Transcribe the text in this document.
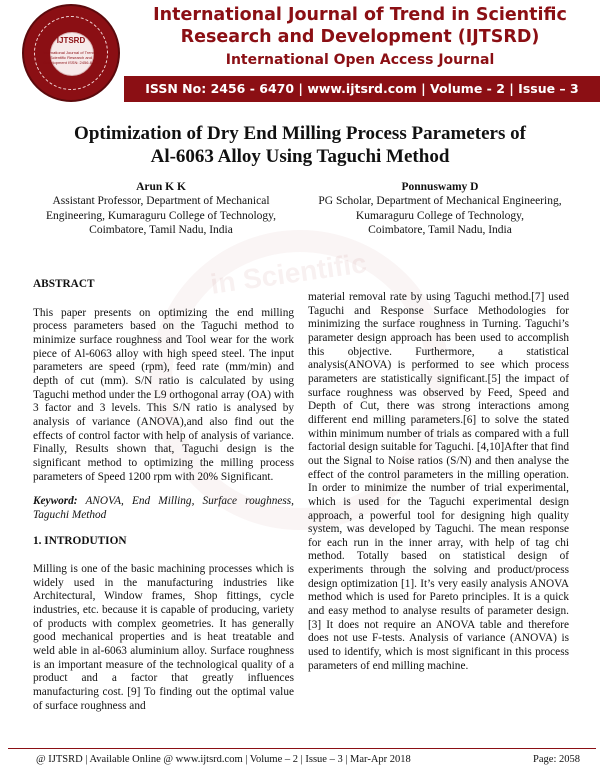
IJTSRD
International Journal of Trend in Scientific Research and Development ISSN: 2456-6470
International Journal of Trend in Scientific
Research and Development (IJTSRD)
International Open Access Journal
ISSN No: 2456 - 6470 | www.ijtsrd.com | Volume - 2 | Issue – 3
in Scientific
Optimization of Dry End Milling Process Parameters of
Al-6063 Alloy Using Taguchi Method
Arun K K
Assistant Professor, Department of Mechanical
Engineering, Kumaraguru College of Technology,
Coimbatore, Tamil Nadu, India
Ponnuswamy D
PG Scholar, Department of Mechanical Engineering,
Kumaraguru College of Technology,
Coimbatore, Tamil Nadu, India
ABSTRACT

This paper presents on optimizing the end milling process parameters based on the Taguchi method to minimize surface roughness and Tool wear for the work piece of Al-6063 alloy with high speed steel. The input parameters are speed (rpm), feed rate (mm/min) and depth of cut (mm). S/N ratio is calculated by using Taguchi method under the L9 orthogonal array (OA) with 3 factor and 3 levels. This S/N ratio is analysed by analysis of variance (ANOVA),and also find out the effects of control factor with help of analysis of variance. Finally, Results shown that, Taguchi design is the significant method to optimizing the milling process parameters of Speed 1200 rpm with 20% Significant.

Keyword: ANOVA, End Milling, Surface roughness, Taguchi Method
1. INTRODUTION

Milling is one of the basic machining processes which is widely used in the manufacturing industries like Architectural, Window frames, Shop fittings, cycle industries, etc. because it is capable of producing, variety of products with complex geometries. It has generally good mechanical properties and is heat treatable and weld able in al-6063 aluminium alloy. Surface roughness is an important measure of the technological quality of a product and a factor that greatly influences manufacturing cost. [9] To finding out the optimal value of surface roughness and

material removal rate by using Taguchi method.[7] used Taguchi and Response Surface Methodologies for minimizing the surface roughness in Turning. Taguchi’s parameter design approach has been used to accomplish this objective. Furthermore, a statistical analysis(ANOVA) is performed to see which process parameters are statistically significant.[5] the impact of surface roughness was observed by Feed, Speed and Depth of Cut, there was strong interactions among different end milling parameters.[6] to solve the stated within minimum number of trials as compared with a full factorial design suitable for Taguchi. [4,10]After that find out the Signal to Noise ratios (S/N) and then analyse the effect of the control parameters in the milling operation. In order to minimize the number of trial experimental, which is used for the Taguchi experimental design approach, a powerful tool for designing high quality system, was developed by Taguchi. The mean response for each run in the inner array, with help of tag chi method. Totally based on statistical design of experiments through the solving and product/process design optimization [1]. It’s very easily analysis ANOVA method which is used for Pareto principles. It is a quick and easy method to analyse results of parameter design. [3] It does not require an ANOVA table and therefore does not use F-tests. Analysis of variance (ANOVA) is used to identify, which is most significant in this process parameters of end milling machine.

@ IJTSRD | Available Online @ www.ijtsrd.com | Volume – 2 | Issue – 3 | Mar-Apr 2018	Page: 2058
